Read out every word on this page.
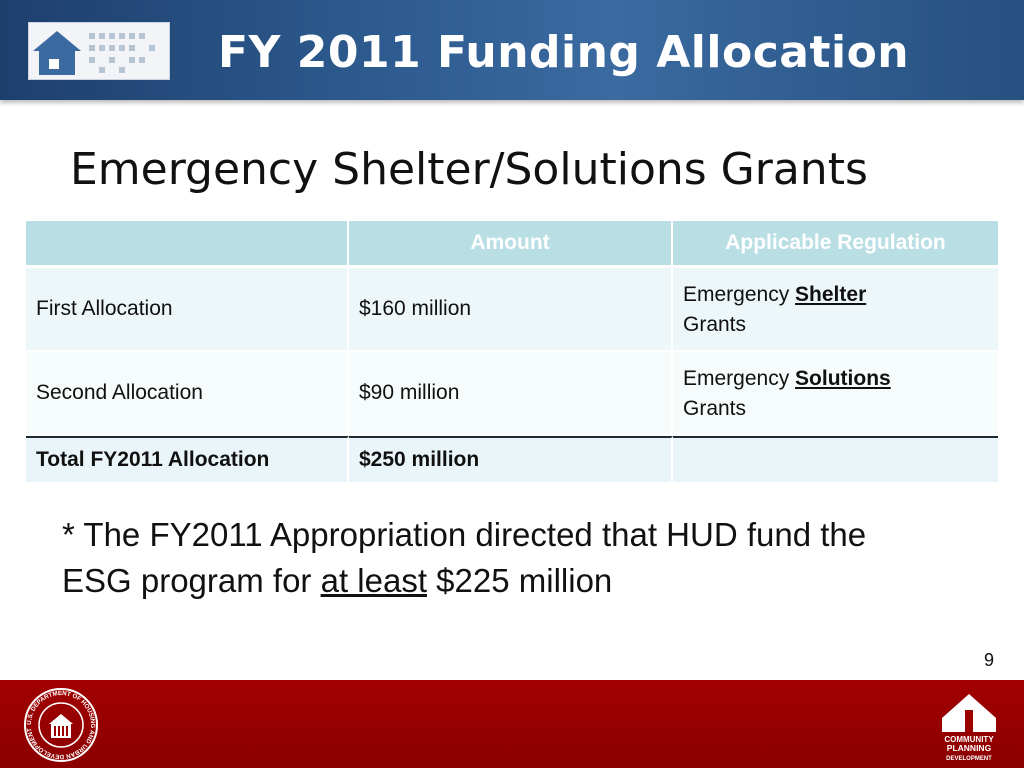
FY 2011 Funding Allocation
Emergency Shelter/Solutions Grants
	Amount	Applicable Regulation
First Allocation	$160 million	Emergency Shelter
Grants
Second Allocation	$90 million	Emergency Solutions
Grants
Total FY2011 Allocation	$250 million	
* The FY2011 Appropriation directed that HUD fund the ESG program for at least $225 million
9
U.S. DEPARTMENT OF HOUSING AND URBAN DEVELOPMENT
COMMUNITY
PLANNING
DEVELOPMENT
